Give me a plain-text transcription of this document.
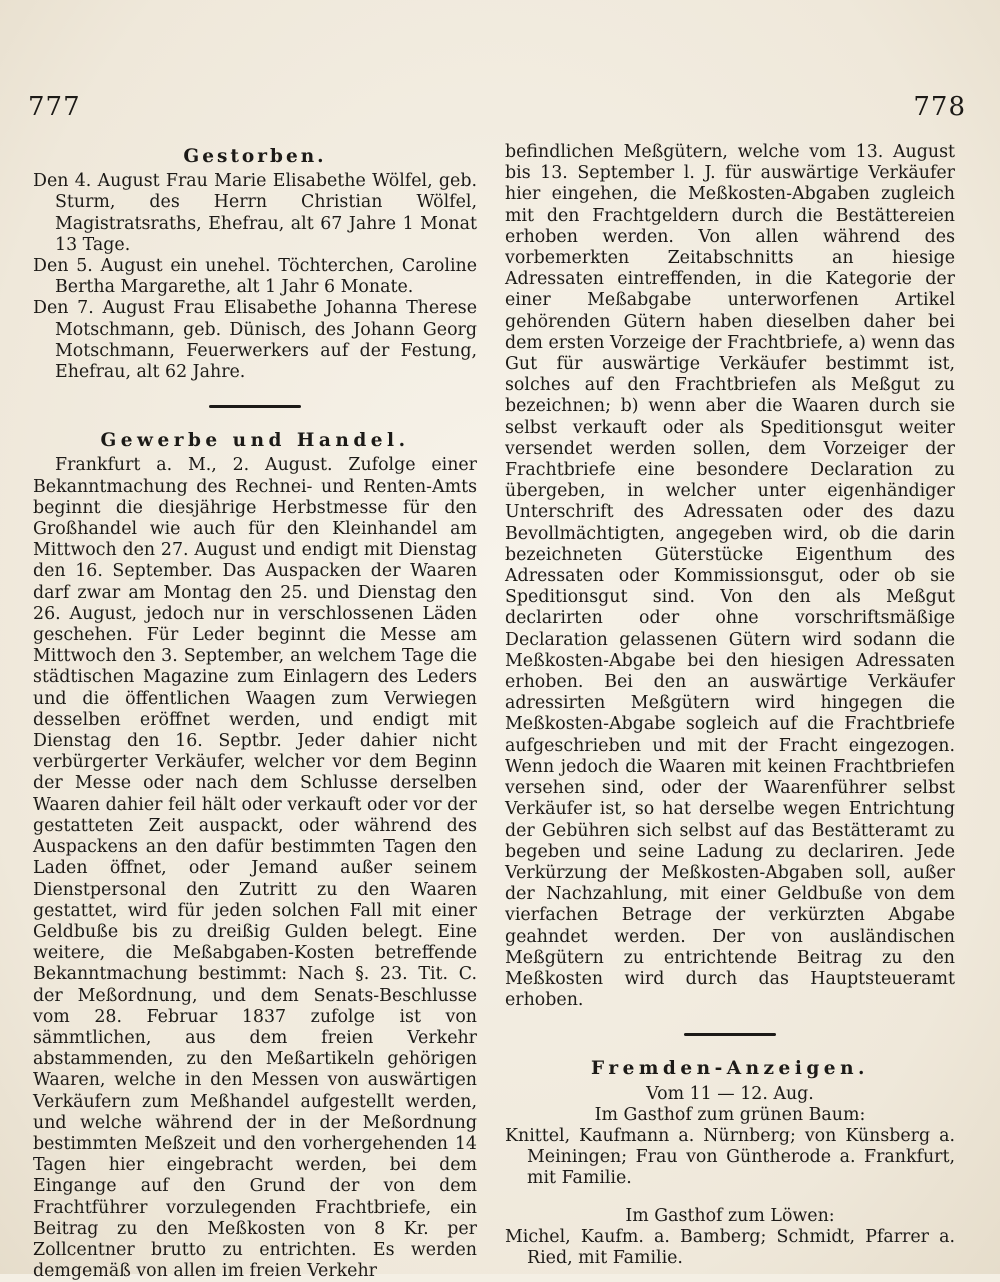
777	778
Gestorben.

Den 4. August Frau Marie Elisabethe Wölfel, geb. Sturm, des Herrn Christian Wölfel, Magistratsraths, Ehefrau, alt 67 Jahre 1 Monat 13 Tage.

Den 5. August ein unehel. Töchterchen, Caroline Bertha Margarethe, alt 1 Jahr 6 Monate.

Den 7. August Frau Elisabethe Johanna Therese Motschmann, geb. Dünisch, des Johann Georg Motschmann, Feuerwerkers auf der Festung, Ehefrau, alt 62 Jahre.

Gewerbe und Handel.

Frankfurt a. M., 2. August. Zufolge einer Bekanntmachung des Rechnei- und Renten-Amts beginnt die diesjährige Herbstmesse für den Großhandel wie auch für den Kleinhandel am Mittwoch den 27. August und endigt mit Dienstag den 16. September. Das Auspacken der Waaren darf zwar am Montag den 25. und Dienstag den 26. August, jedoch nur in verschlossenen Läden geschehen. Für Leder beginnt die Messe am Mittwoch den 3. September, an welchem Tage die städtischen Magazine zum Einlagern des Leders und die öffentlichen Waagen zum Verwiegen desselben eröffnet werden, und endigt mit Dienstag den 16. Septbr. Jeder dahier nicht verbürgerter Verkäufer, welcher vor dem Beginn der Messe oder nach dem Schlusse derselben Waaren dahier feil hält oder verkauft oder vor der gestatteten Zeit auspackt, oder während des Auspackens an den dafür bestimmten Tagen den Laden öffnet, oder Jemand außer seinem Dienstpersonal den Zutritt zu den Waaren gestattet, wird für jeden solchen Fall mit einer Geldbuße bis zu dreißig Gulden belegt. Eine weitere, die Meßabgaben-Kosten betreffende Bekanntmachung bestimmt: Nach §. 23. Tit. C. der Meßordnung, und dem Senats-Beschlusse vom 28. Februar 1837 zufolge ist von sämmtlichen, aus dem freien Verkehr abstammenden, zu den Meßartikeln gehörigen Waaren, welche in den Messen von auswärtigen Verkäufern zum Meßhandel aufgestellt werden, und welche während der in der Meßordnung bestimmten Meßzeit und den vorhergehenden 14 Tagen hier eingebracht werden, bei dem Eingange auf den Grund der von dem Frachtführer vorzulegenden Frachtbriefe, ein Beitrag zu den Meßkosten von 8 Kr. per Zollcentner brutto zu entrichten. Es werden demgemäß von allen im freien Verkehr

befindlichen Meßgütern, welche vom 13. August bis 13. September l. J. für auswärtige Verkäufer hier eingehen, die Meßkosten-Abgaben zugleich mit den Frachtgeldern durch die Bestättereien erhoben werden. Von allen während des vorbemerkten Zeitabschnitts an hiesige Adressaten eintreffenden, in die Kategorie der einer Meßabgabe unterworfenen Artikel gehörenden Gütern haben dieselben daher bei dem ersten Vorzeige der Frachtbriefe, a) wenn das Gut für auswärtige Verkäufer bestimmt ist, solches auf den Frachtbriefen als Meßgut zu bezeichnen; b) wenn aber die Waaren durch sie selbst verkauft oder als Speditionsgut weiter versendet werden sollen, dem Vorzeiger der Frachtbriefe eine besondere Declaration zu übergeben, in welcher unter eigenhändiger Unterschrift des Adressaten oder des dazu Bevollmächtigten, angegeben wird, ob die darin bezeichneten Güterstücke Eigenthum des Adressaten oder Kommissionsgut, oder ob sie Speditionsgut sind. Von den als Meßgut declarirten oder ohne vorschriftsmäßige Declaration gelassenen Gütern wird sodann die Meßkosten-Abgabe bei den hiesigen Adressaten erhoben. Bei den an auswärtige Verkäufer adressirten Meßgütern wird hingegen die Meßkosten-Abgabe sogleich auf die Frachtbriefe aufgeschrieben und mit der Fracht eingezogen. Wenn jedoch die Waaren mit keinen Frachtbriefen versehen sind, oder der Waarenführer selbst Verkäufer ist, so hat derselbe wegen Entrichtung der Gebühren sich selbst auf das Bestätteramt zu begeben und seine Ladung zu declariren. Jede Verkürzung der Meßkosten-Abgaben soll, außer der Nachzahlung, mit einer Geldbuße von dem vierfachen Betrage der verkürzten Abgabe geahndet werden. Der von ausländischen Meßgütern zu entrichtende Beitrag zu den Meßkosten wird durch das Hauptsteueramt erhoben.

Fremden-Anzeigen.

Vom 11 — 12. Aug.

Im Gasthof zum grünen Baum:

Knittel, Kaufmann a. Nürnberg; von Künsberg a. Meiningen; Frau von Güntherode a. Frankfurt, mit Familie.

Im Gasthof zum Löwen:

Michel, Kaufm. a. Bamberg; Schmidt, Pfarrer a. Ried, mit Familie.
